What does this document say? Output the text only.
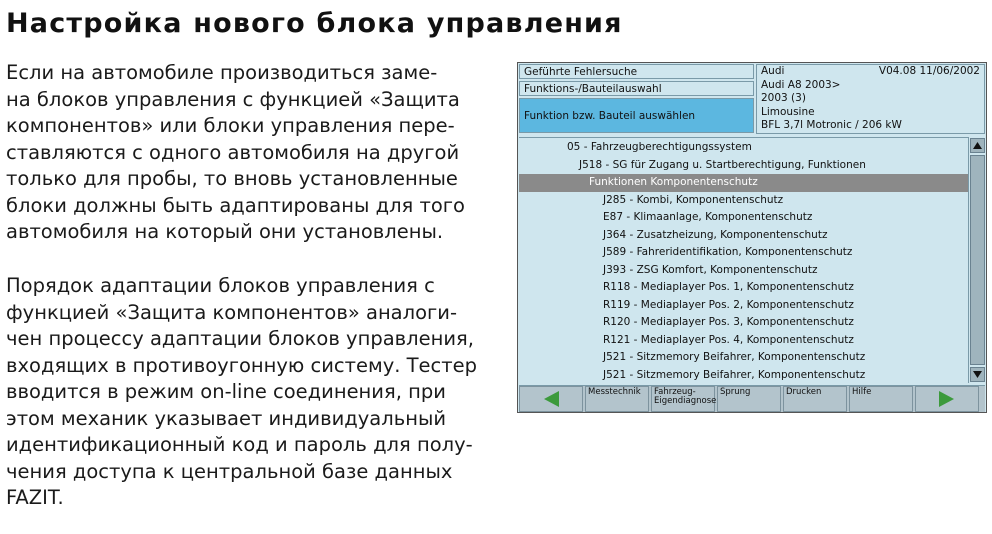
Настройка нового блока управления
Если на автомобиле производиться заме-
на блоков управления с функцией «Защита
компонентов» или блоки управления пере-
ставляются с одного автомобиля на другой
только для пробы, то вновь установленные
блоки должны быть адаптированы для того
автомобиля на который они установлены.
Порядок адаптации блоков управления с
функцией «Защита компонентов» аналоги-
чен процессу адаптации блоков управления,
входящих в противоугонную систему. Тестер
вводится в режим on-line соединения, при
этом механик указывает индивидуальный
идентификационный код и пароль для полу-
чения доступа к центральной базе данных
FAZIT.
Geführte Fehlersuche
Funktions-/Bauteilauswahl
Funktion bzw. Bauteil auswählen
Audi	V04.08 11/06/2002
Audi A8 2003>
2003 (3)
Limousine
BFL 3,7l Motronic / 206 kW
05 - Fahrzeugberechtigungssystem
J518 - SG für Zugang u. Startberechtigung, Funktionen
Funktionen Komponentenschutz
J285 - Kombi, Komponentenschutz
E87 - Klimaanlage, Komponentenschutz
J364 - Zusatzheizung, Komponentenschutz
J589 - Fahreridentifikation, Komponentenschutz
J393 - ZSG Komfort, Komponentenschutz
R118 - Mediaplayer Pos. 1, Komponentenschutz
R119 - Mediaplayer Pos. 2, Komponentenschutz
R120 - Mediaplayer Pos. 3, Komponentenschutz
R121 - Mediaplayer Pos. 4, Komponentenschutz
J521 - Sitzmemory Beifahrer, Komponentenschutz
J521 - Sitzmemory Beifahrer, Komponentenschutz
Messtechnik	Fahrzeug-
Eigendiagnose
Sprung	Drucken	Hilfe
